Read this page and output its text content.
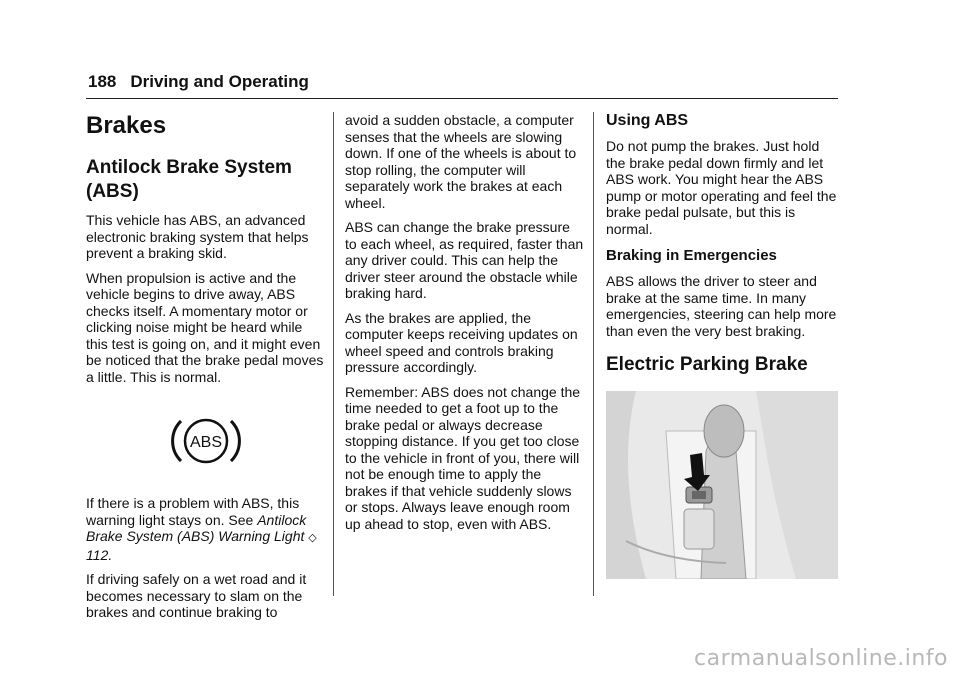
188 Driving and Operating
Brakes
Antilock Brake System (ABS)

This vehicle has ABS, an advanced electronic braking system that helps prevent a braking skid.

When propulsion is active and the vehicle begins to drive away, ABS checks itself. A momentary motor or clicking noise might be heard while this test is going on, and it might even be noticed that the brake pedal moves a little. This is normal.

ABS

If there is a problem with ABS, this warning light stays on. See Antilock Brake System (ABS) Warning Light ◇ 112.

If driving safely on a wet road and it becomes necessary to slam on the brakes and continue braking to

avoid a sudden obstacle, a computer senses that the wheels are slowing down. If one of the wheels is about to stop rolling, the computer will separately work the brakes at each wheel.

ABS can change the brake pressure to each wheel, as required, faster than any driver could. This can help the driver steer around the obstacle while braking hard.

As the brakes are applied, the computer keeps receiving updates on wheel speed and controls braking pressure accordingly.

Remember: ABS does not change the time needed to get a foot up to the brake pedal or always decrease stopping distance. If you get too close to the vehicle in front of you, there will not be enough time to apply the brakes if that vehicle suddenly slows or stops. Always leave enough room up ahead to stop, even with ABS.

Using ABS

Do not pump the brakes. Just hold the brake pedal down firmly and let ABS work. You might hear the ABS pump or motor operating and feel the brake pedal pulsate, but this is normal.

Braking in Emergencies

ABS allows the driver to steer and brake at the same time. In many emergencies, steering can help more than even the very best braking.

Electric Parking Brake
carmanualsonline.info
